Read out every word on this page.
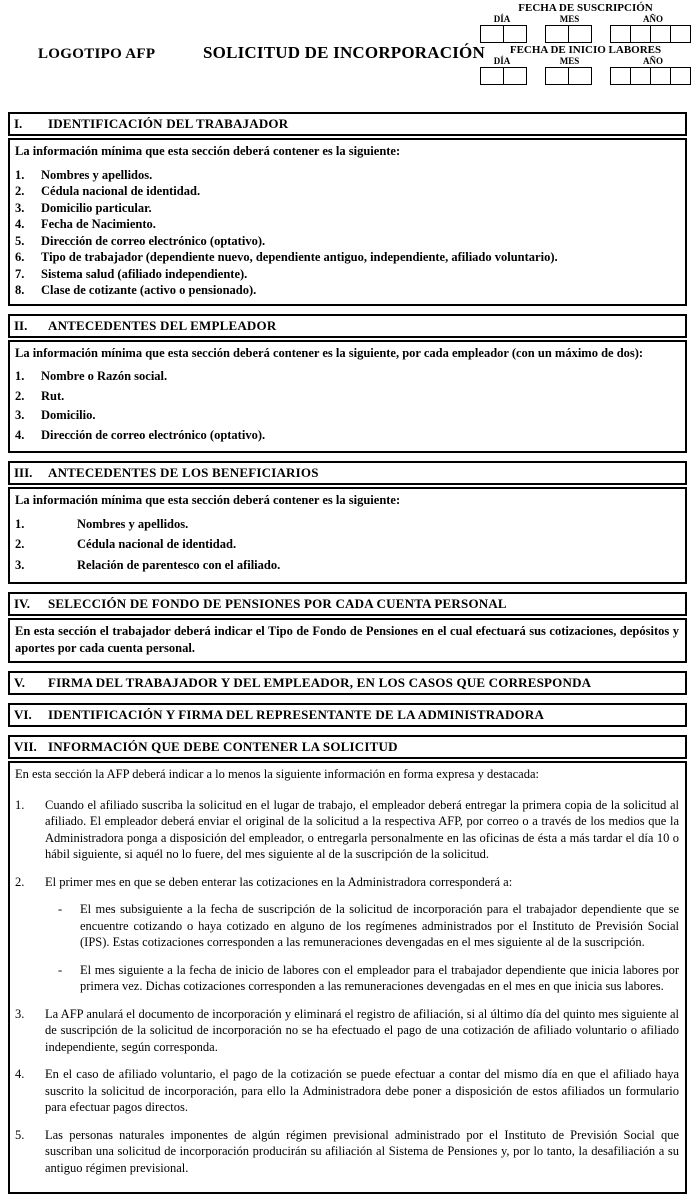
LOGOTIPO AFP	SOLICITUD DE INCORPORACIÓN
FECHA DE SUSCRIPCIÓN
DÍA	MES	AÑO
FECHA DE INICIO LABORES
DÍA	MES	AÑO
I.	IDENTIFICACIÓN DEL TRABAJADOR

La información mínima que esta sección deberá contener es la siguiente:

1.	Nombres y apellidos.
2.	Cédula nacional de identidad.
3.	Domicilio particular.
4.	Fecha de Nacimiento.
5.	Dirección de correo electrónico (optativo).
6.	Tipo de trabajador (dependiente nuevo, dependiente antiguo, independiente, afiliado voluntario).
7.	Sistema salud (afiliado independiente).
8.	Clase de cotizante (activo o pensionado).
II.	ANTECEDENTES DEL EMPLEADOR

La información mínima que esta sección deberá contener es la siguiente, por cada empleador (con un máximo de dos):

1.	Nombre o Razón social.
2.	Rut.
3.	Domicilio.
4.	Dirección de correo electrónico (optativo).
III.	ANTECEDENTES DE LOS BENEFICIARIOS

La información mínima que esta sección deberá contener es la siguiente:

1.	Nombres y apellidos.
2.	Cédula nacional de identidad.
3.	Relación de parentesco con el afiliado.
IV.	SELECCIÓN DE FONDO DE PENSIONES POR CADA CUENTA PERSONAL

En esta sección el trabajador deberá indicar el Tipo de Fondo de Pensiones en el cual efectuará sus cotizaciones, depósitos y aportes por cada cuenta personal.

V.	FIRMA DEL TRABAJADOR Y DEL EMPLEADOR, EN LOS CASOS QUE CORRESPONDA
VI.	IDENTIFICACIÓN Y FIRMA DEL REPRESENTANTE DE LA ADMINISTRADORA
VII. INFORMACIÓN QUE DEBE CONTENER LA SOLICITUD

En esta sección la AFP deberá indicar a lo menos la siguiente información en forma expresa y destacada:

1.	Cuando el afiliado suscriba la solicitud en el lugar de trabajo, el empleador deberá entregar la primera copia de la solicitud al afiliado. El empleador deberá enviar el original de la solicitud a la respectiva AFP, por correo o a través de los medios que la Administradora ponga a disposición del empleador, o entregarla personalmente en las oficinas de ésta a más tardar el día 10 o hábil siguiente, si aquél no lo fuere, del mes siguiente al de la suscripción de la solicitud.
2.	El primer mes en que se deben enterar las cotizaciones en la Administradora corresponderá a:
-	El mes subsiguiente a la fecha de suscripción de la solicitud de incorporación para el trabajador dependiente que se encuentre cotizando o haya cotizado en alguno de los regímenes administrados por el Instituto de Previsión Social (IPS). Estas cotizaciones corresponden a las remuneraciones devengadas en el mes siguiente al de la suscripción.
-	El mes siguiente a la fecha de inicio de labores con el empleador para el trabajador dependiente que inicia labores por primera vez. Dichas cotizaciones corresponden a las remuneraciones devengadas en el mes en que inicia sus labores.
3.	La AFP anulará el documento de incorporación y eliminará el registro de afiliación, si al último día del quinto mes siguiente al de suscripción de la solicitud de incorporación no se ha efectuado el pago de una cotización de afiliado voluntario o afiliado independiente, según corresponda.
4.	En el caso de afiliado voluntario, el pago de la cotización se puede efectuar a contar del mismo día en que el afiliado haya suscrito la solicitud de incorporación, para ello la Administradora debe poner a disposición de estos afiliados un formulario para efectuar pagos directos.
5.	Las personas naturales imponentes de algún régimen previsional administrado por el Instituto de Previsión Social que suscriban una solicitud de incorporación producirán su afiliación al Sistema de Pensiones y, por lo tanto, la desafiliación a su antiguo régimen previsional.
